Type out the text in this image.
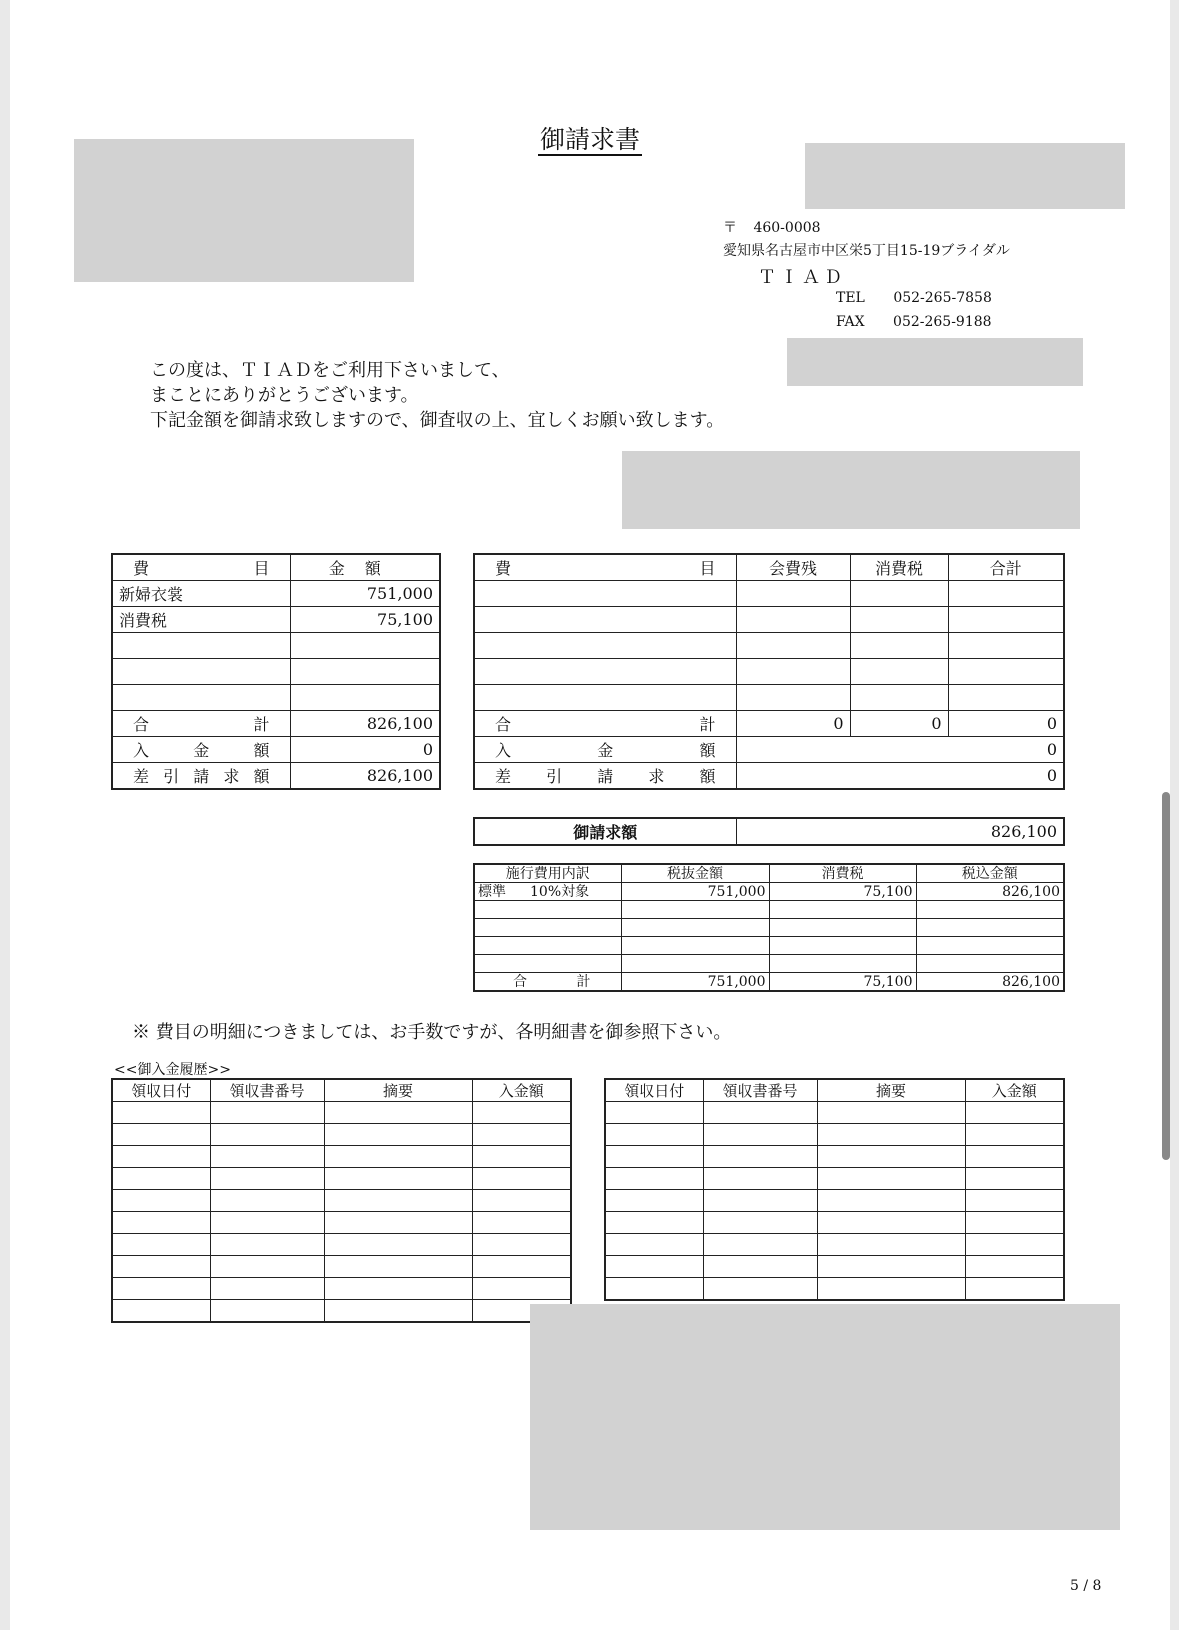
御請求書
〒 460-0008
愛知県名古屋市中区栄5丁目15-19ブライダル
ＴＩＡＤ
TEL 052-265-7858
FAX 052-265-9188
この度は、ＴＩＡＤをご利用下さいまして、
まことにありがとうございます。
下記金額を御請求致しますので、御査収の上、宜しくお願い致します。
費目	金額
新婦衣裳	751,000
消費税	75,100

合計	826,100
入金額	0
差引請求額	826,100
費目	会費残	消費税	合計

合計	0	0	0
入金額	0		
差引請求額	0		
御請求額	826,100
施行費用内訳	税抜金額	消費税	税込金額
標準 10%対象	751,000	75,100	826,100

合計	751,000	75,100	826,100
※ 費目の明細につきましては、お手数ですが、各明細書を御参照下さい。
<<御入金履歴>>
領収日付	領収書番号	摘要	入金額

				領収日付	領収書番号	摘要	入金額

5 / 8
